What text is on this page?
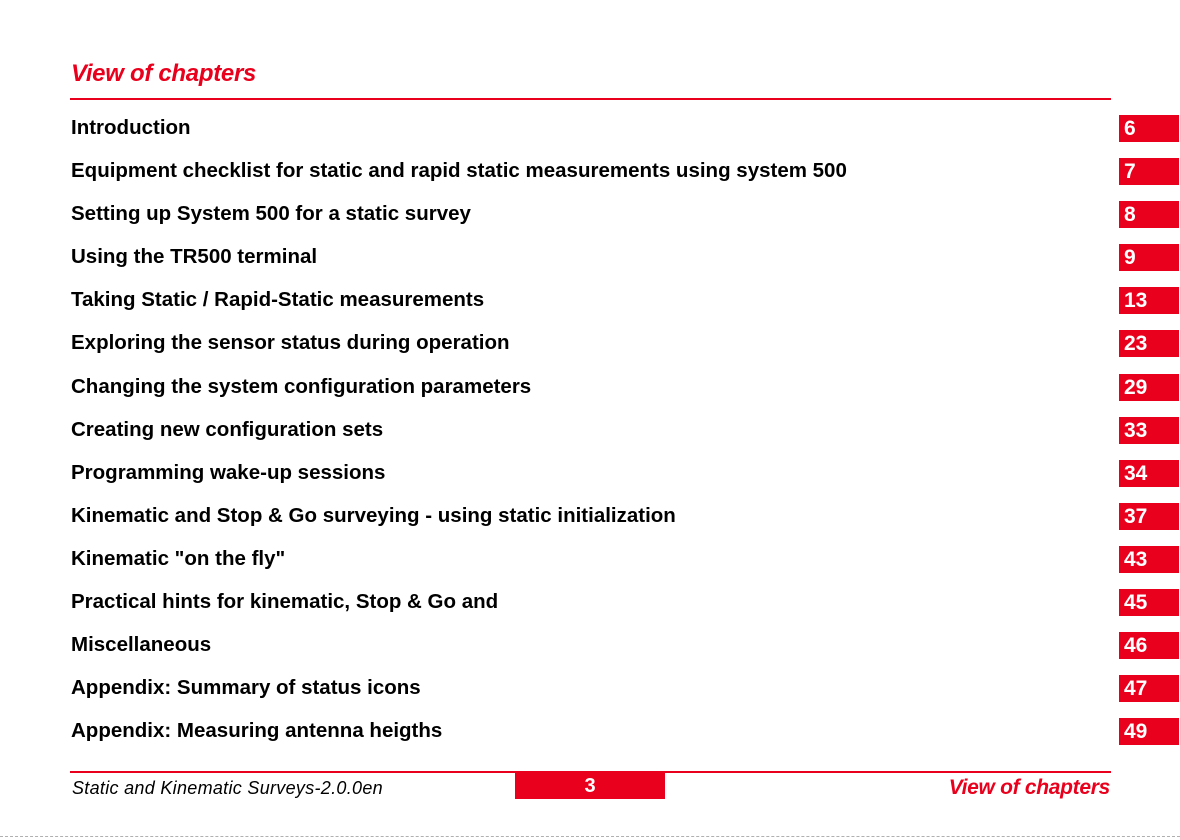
View of chapters
Introduction	6
Equipment checklist for static and rapid static measurements using system 500	7
Setting up System 500 for a static survey	8
Using the TR500 terminal	9
Taking Static / Rapid-Static measurements	13
Exploring the sensor status during operation	23
Changing the system configuration parameters	29
Creating new configuration sets	33
Programming wake-up sessions	34
Kinematic and Stop & Go surveying - using static initialization	37
Kinematic "on the fly"	43
Practical hints for kinematic, Stop & Go and	45
Miscellaneous	46
Appendix: Summary of status icons	47
Appendix: Measuring antenna heigths	49
Static and Kinematic Surveys-2.0.0en	3	View of chapters
